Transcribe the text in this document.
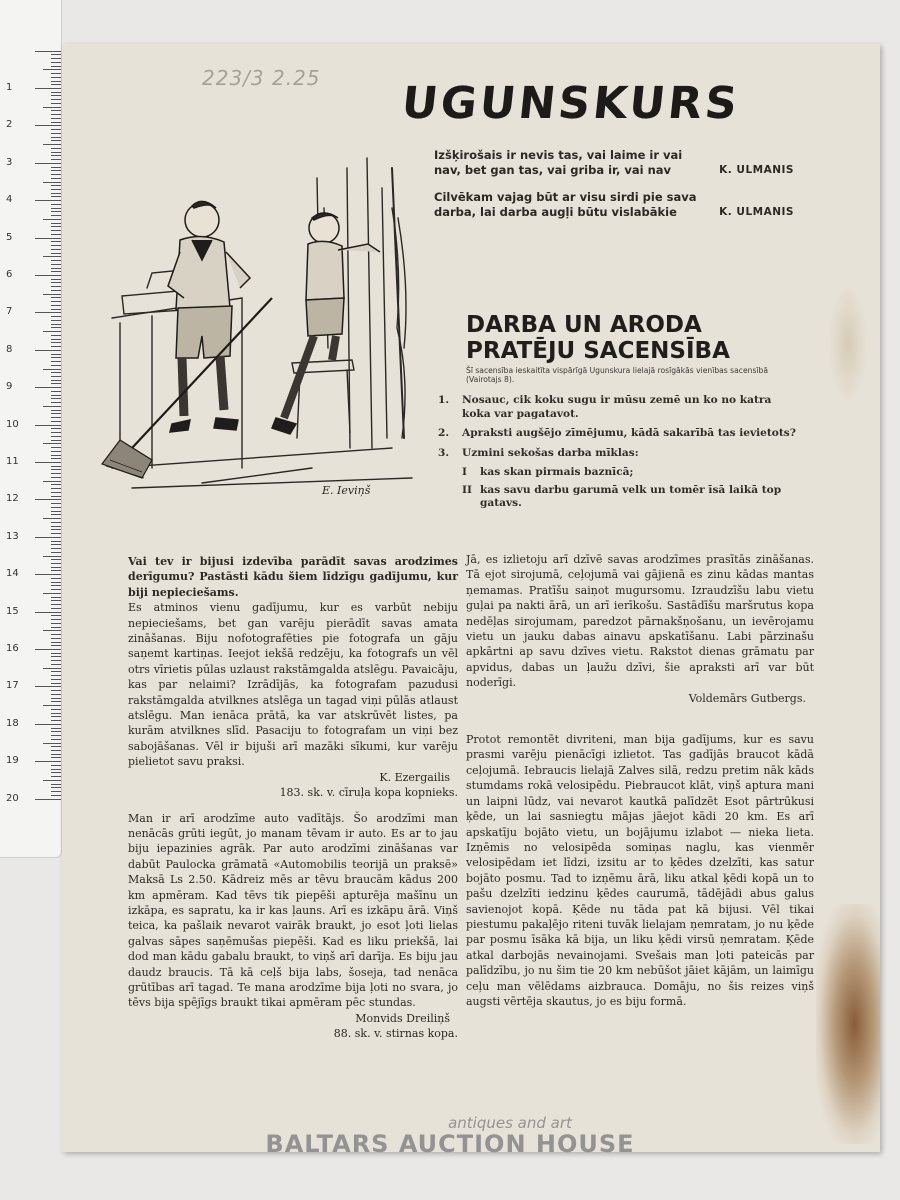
1
2
3
4
5
6
7
8
9
10
11
12
13
14
15
16
17
18
19
20
223/3 2.25 UGUNSKURS
Izšķirošais ir nevis tas, vai laime ir vai nav, bet gan tas, vai griba ir, vai nav	K. ULMANIS
Cilvēkam vajag būt ar visu sirdi pie sava darba, lai darba augļi būtu vislabākie	K. ULMANIS
E. Ieviņš
DARBA UN ARODA PRATĒJU SACENSĪBA
Šī sacensība ieskaitīta vispārīgā Ugunskura lielajā rosīgākās vienības sacensībā (Vairotajs 8).
1.	Nosauc, cik koku sugu ir mūsu zemē un ko no katra koka var pagatavot.
2.	Apraksti augšējo zīmējumu, kādā sakarībā tas ievietots?
3.	Uzmini sekošas darba mīklas:
I	kas skan pirmais baznīcā;
II kas savu darbu garumā velk un tomēr īsā laikā top gatavs.

Vai tev ir bijusi izdevība parādīt savas arodzimes derīgumu? Pastāsti kādu šiem līdzīgu gadījumu, kur biji nepieciešams.

Es atminos vienu gadījumu, kur es varbūt nebiju nepieciešams, bet gan varēju pierādīt savas amata zināšanas. Biju nofotografēties pie fotografa un gāju saņemt kartiņas. Ieejot iekšā redzēju, ka fotografs un vēl otrs vīrietis pūlas uzlaust rakstāmgalda atslēgu. Pavaicāju, kas par nelaimi? Izrādījās, ka fotografam pazudusi rakstāmgalda atvilknes atslēga un tagad viņi pūlās atlaust atslēgu. Man ienāca prātā, ka var atskrūvēt listes, pa kurām atvilknes slīd. Pasaciju to fotografam un viņi bez sabojāšanas. Vēl ir bijuši arī mazāki sīkumi, kur varēju pielietot savu praksi.

K. Ezergailis

183. sk. v. cīruļa kopa kopnieks.

Man ir arī arodzīme auto vadītājs. Šo arodzīmi man nenācās grūti iegūt, jo manam tēvam ir auto. Es ar to jau biju iepazinies agrāk. Par auto arodzīmi zināšanas var dabūt Paulocka grāmatā «Automobilis teorijā un praksē» Maksā Ls 2.50. Kādreiz mēs ar tēvu braucām kādus 200 km apmēram. Kad tēvs tik piepēši apturēja mašīnu un izkāpa, es sapratu, ka ir kas ļauns. Arī es izkāpu ārā. Viņš teica, ka pašlaik nevarot vairāk braukt, jo esot ļoti lielas galvas sāpes saņēmušas piepēši. Kad es liku priekšā, lai dod man kādu gabalu braukt, to viņš arī darīja. Es biju jau daudz braucis. Tā kā ceļš bija labs, šoseja, tad nenāca grūtības arī tagad. Te mana arodzīme bija ļoti no svara, jo tēvs bija spējīgs braukt tikai apmēram pēc stundas.

Monvids Dreiliņš

88. sk. v. stirnas kopa.

Jā, es izlietoju arī dzīvē savas arodzīmes prasītās zināšanas. Tā ejot sirojumā, ceļojumā vai gājienā es zinu kādas mantas ņemamas. Pratīšu saiņot mugursomu. Izraudzīšu labu vietu guļai pa nakti ārā, un arī ierīkošu. Sastādīšu maršrutus kopa nedēļas sirojumam, paredzot pārnakšņošanu, un ievērojamu vietu un jauku dabas ainavu apskatīšanu. Labi pārzinašu apkārtni ap savu dzīves vietu. Rakstot dienas grāmatu par apvidus, dabas un ļaužu dzīvi, šie apraksti arī var būt noderīgi.

Voldemārs Gutbergs.

Protot remontēt divriteni, man bija gadījums, kur es savu prasmi varēju pienācīgi izlietot. Tas gadījās braucot kādā ceļojumā. Iebraucis lielajā Zalves silā, redzu pretim nāk kāds stumdams rokā velosipēdu. Piebraucot klāt, viņš aptura mani un laipni lūdz, vai nevarot kautkā palīdzēt Esot pārtrūkusi ķēde, un lai sasniegtu mājas jāejot kādi 20 km. Es arī apskatīju bojāto vietu, un bojājumu izlabot — nieka lieta. Izņēmis no velosipēda somiņas naglu, kas vienmēr velosipēdam iet līdzi, izsitu ar to ķēdes dzelzīti, kas satur bojāto posmu. Tad to izņēmu ārā, liku atkal ķēdi kopā un to pašu dzelzīti iedzinu ķēdes caurumā, tādējādi abus galus savienojot kopā. Ķēde nu tāda pat kā bijusi. Vēl tikai piestumu pakaļējo riteni tuvāk lielajam ņemratam, jo nu ķēde par posmu īsāka kā bija, un liku ķēdi virsū ņemratam. Ķēde atkal darbojās nevainojami. Svešais man ļoti pateicās par palīdzību, jo nu šim tie 20 km nebūšot jāiet kājām, un laimīgu ceļu man vēlēdams aizbrauca. Domāju, no šis reizes viņš augsti vērtēja skautus, jo es biju formā.

antiques and art
BALTARS AUCTION HOUSE
